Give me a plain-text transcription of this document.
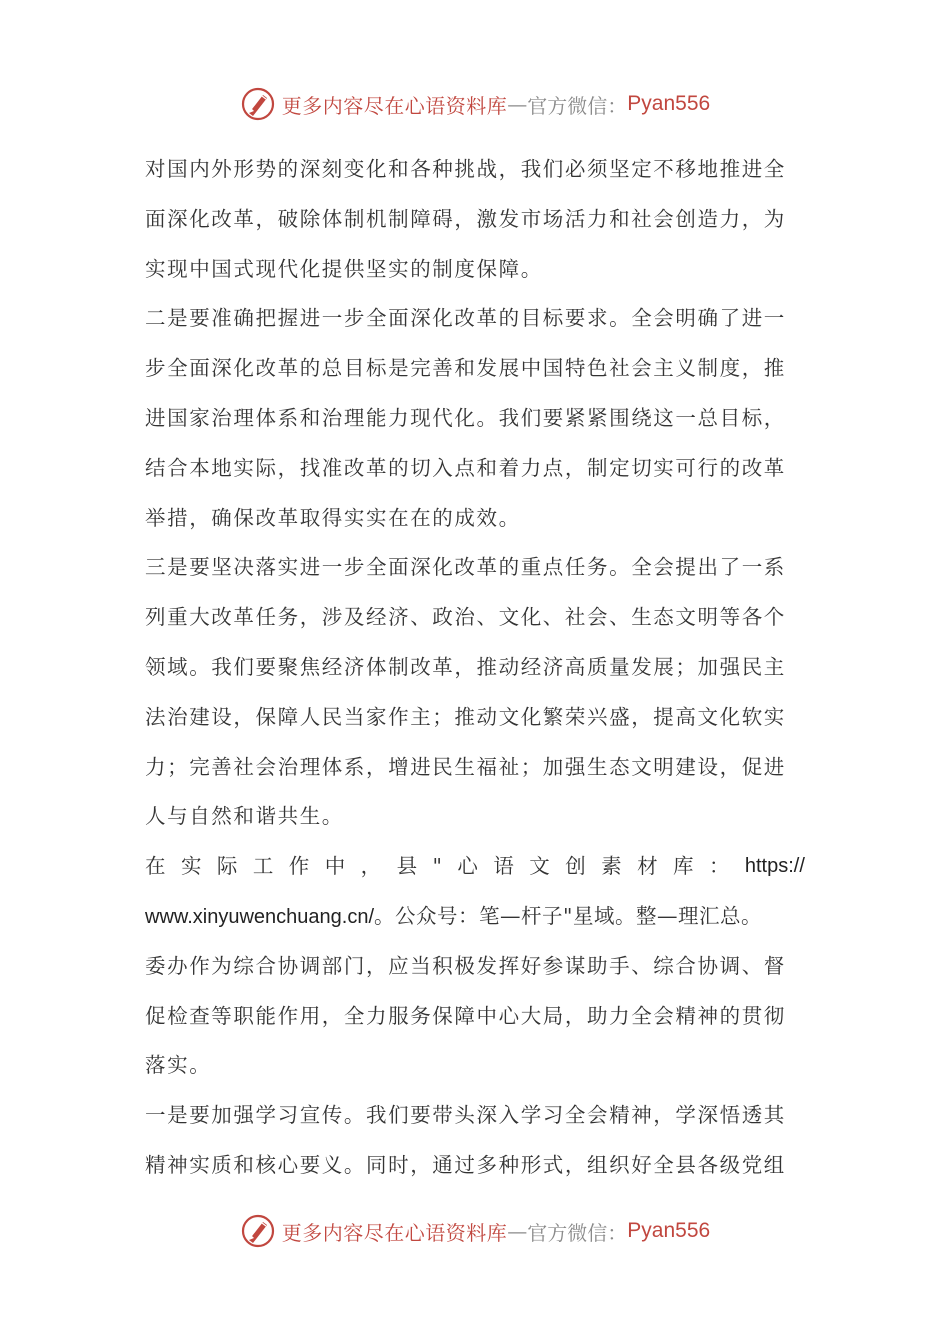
更多内容尽在心语资料库 — 官方微信： Pyan556
对国内外形势的深刻变化和各种挑战，我们必须坚定不移地推进全
面深化改革，破除体制机制障碍，激发市场活力和社会创造力，为
实现中国式现代化提供坚实的制度保障。
二是要准确把握进一步全面深化改革的目标要求。全会明确了进一
步全面深化改革的总目标是完善和发展中国特色社会主义制度，推
进国家治理体系和治理能力现代化。我们要紧紧围绕这一总目标，
结合本地实际，找准改革的切入点和着力点，制定切实可行的改革
举措，确保改革取得实实在在的成效。
三是要坚决落实进一步全面深化改革的重点任务。全会提出了一系
列重大改革任务，涉及经济、政治、文化、社会、生态文明等各个
领域。我们要聚焦经济体制改革，推动经济高质量发展；加强民主
法治建设，保障人民当家作主；推动文化繁荣兴盛，提高文化软实
力；完善社会治理体系，增进民生福祉；加强生态文明建设，促进
人与自然和谐共生。
在 实 际 工 作 中 ， 县 " 心 语 文 创 素 材 库 ： https://
www.xinyuwenchuang.cn/。公众号：笔—杆子"星域。整—理汇总。
委办作为综合协调部门，应当积极发挥好参谋助手、综合协调、督
促检查等职能作用，全力服务保障中心大局，助力全会精神的贯彻
落实。
一是要加强学习宣传。我们要带头深入学习全会精神，学深悟透其
精神实质和核心要义。同时，通过多种形式，组织好全县各级党组
更多内容尽在心语资料库 — 官方微信： Pyan556
